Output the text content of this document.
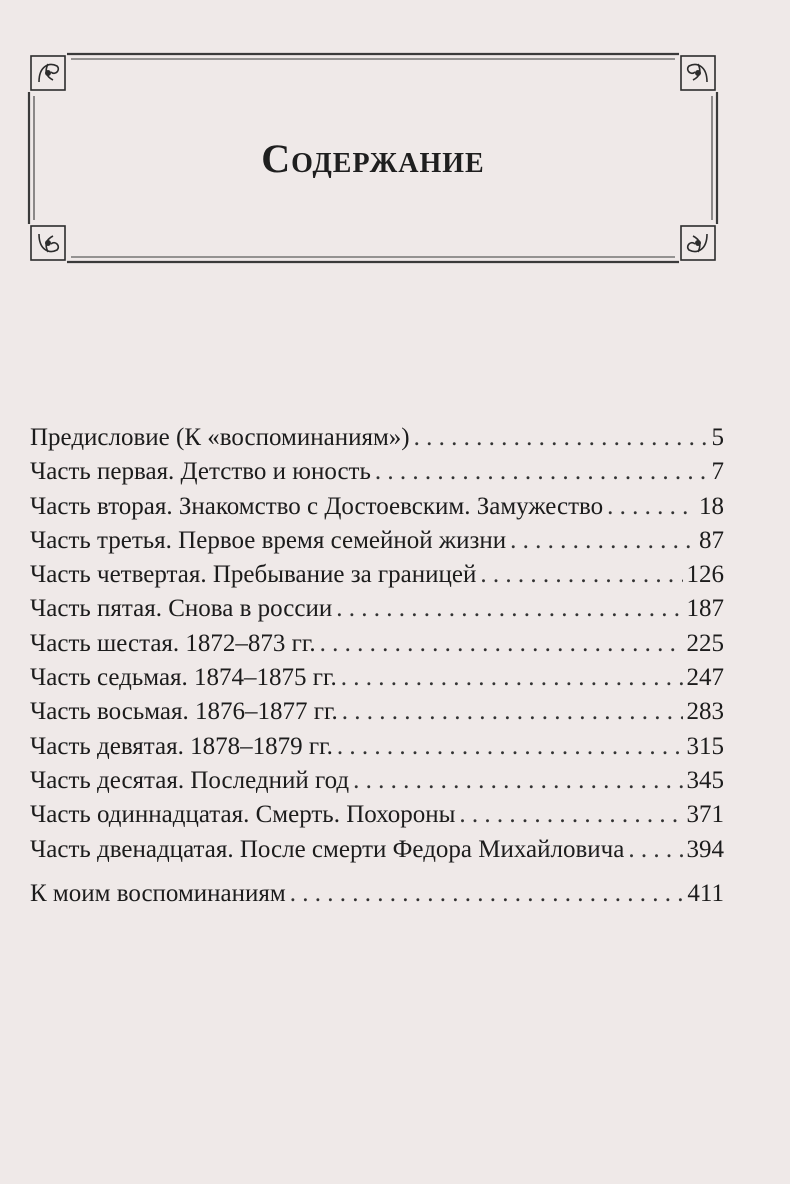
Содержание
Предисловие (К «воспоминаниям») . . .	5
Часть первая. Детство и юность . . .	7
Часть вторая. Знакомство с Достоевским. Замужество . . .	18
Часть третья. Первое время семейной жизни . . .	87
Часть четвертая. Пребывание за границей . . .	126
Часть пятая. Снова в россии . . .	187
Часть шестая. 1872–873 гг. . . .	225
Часть седьмая. 1874–1875 гг. . . .	247
Часть восьмая. 1876–1877 гг. . . .	283
Часть девятая. 1878–1879 гг. . . .	315
Часть десятая. Последний год . . .	345
Часть одиннадцатая. Смерть. Похороны . . .	371
Часть двенадцатая. После смерти Федора Михайловича . . . 394
К моим воспоминаниям . . .	411
